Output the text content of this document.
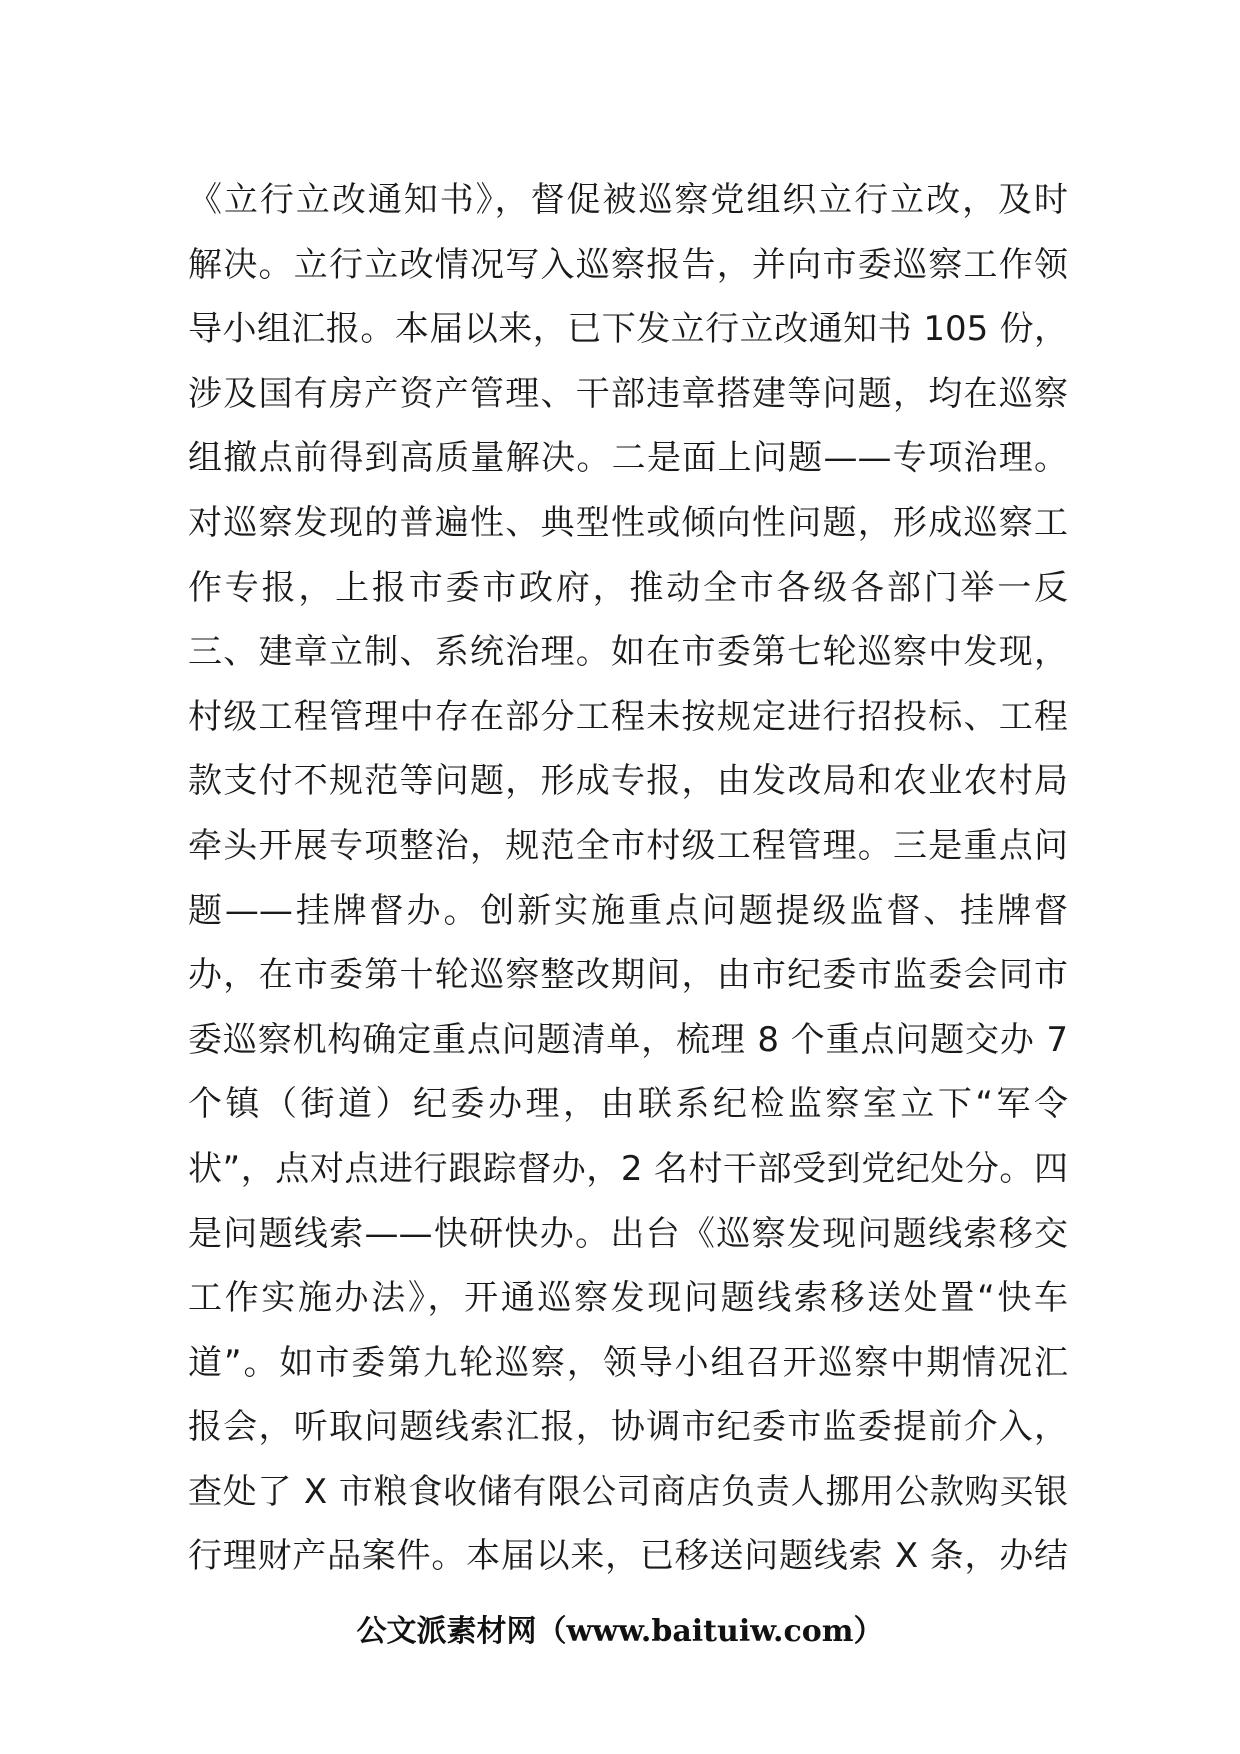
《立行立改通知书》，督促被巡察党组织立行立改，及时
解决。立行立改情况写入巡察报告，并向市委巡察工作领
导小组汇报。本届以来，已下发立行立改通知书 105 份，
涉及国有房产资产管理、干部违章搭建等问题，均在巡察
组撤点前得到高质量解决。二是面上问题——专项治理。
对巡察发现的普遍性、典型性或倾向性问题，形成巡察工
作专报，上报市委市政府，推动全市各级各部门举一反
三、建章立制、系统治理。如在市委第七轮巡察中发现，
村级工程管理中存在部分工程未按规定进行招投标、工程
款支付不规范等问题，形成专报，由发改局和农业农村局
牵头开展专项整治，规范全市村级工程管理。三是重点问
题——挂牌督办。创新实施重点问题提级监督、挂牌督
办，在市委第十轮巡察整改期间，由市纪委市监委会同市
委巡察机构确定重点问题清单，梳理 8 个重点问题交办 7
个镇（街道）纪委办理，由联系纪检监察室立下“军令
状”，点对点进行跟踪督办，2 名村干部受到党纪处分。四
是问题线索——快研快办。出台《巡察发现问题线索移交
工作实施办法》，开通巡察发现问题线索移送处置“快车
道”。如市委第九轮巡察，领导小组召开巡察中期情况汇
报会，听取问题线索汇报，协调市纪委市监委提前介入，
查处了 X 市粮食收储有限公司商店负责人挪用公款购买银
行理财产品案件。本届以来，已移送问题线索 X 条，办结
公文派素材网（www.baituiw.com）
